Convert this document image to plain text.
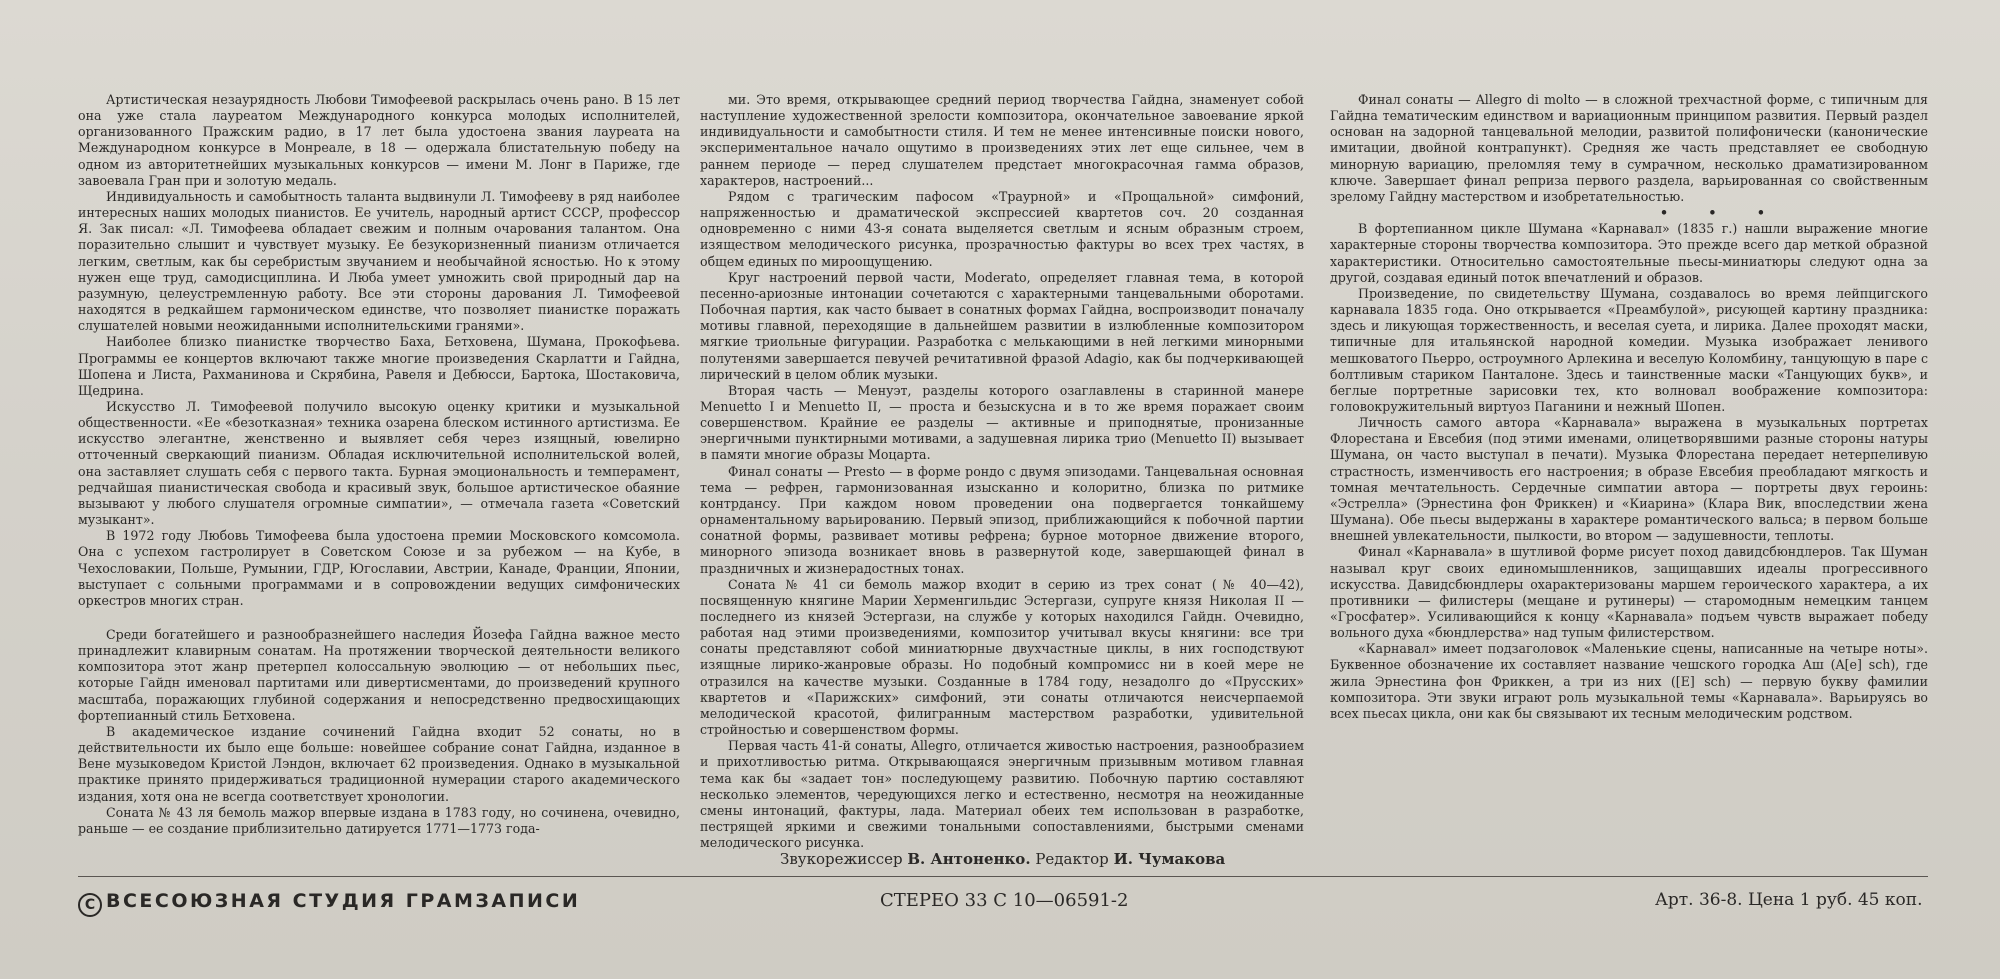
Артистическая незаурядность Любови Тимофеевой раскрылась очень рано. В 15 лет она уже стала лауреатом Международного конкурса молодых исполнителей, организованного Пражским радио, в 17 лет была удостоена звания лауреата на Международном конкурсе в Монреале, в 18 — одержала блистательную победу на одном из авторитетнейших музыкальных конкурсов — имени М. Лонг в Париже, где завоевала Гран при и золотую медаль.

Индивидуальность и самобытность таланта выдвинули Л. Тимофееву в ряд наиболее интересных наших молодых пианистов. Ее учитель, народный артист СССР, профессор Я. Зак писал: «Л. Тимофеева обладает свежим и полным очарования талантом. Она поразительно слышит и чувствует музыку. Ее безукоризненный пианизм отличается легким, светлым, как бы серебристым звучанием и необычайной ясностью. Но к этому нужен еще труд, самодисциплина. И Люба умеет умножить свой природный дар на разумную, целеустремленную работу. Все эти стороны дарования Л. Тимофеевой находятся в редкайшем гармоническом единстве, что позволяет пианистке поражать слушателей новыми неожиданными исполнительскими гранями».

Наиболее близко пианистке творчество Баха, Бетховена, Шумана, Прокофьева. Программы ее концертов включают также многие произведения Скарлатти и Гайдна, Шопена и Листа, Рахманинова и Скрябина, Равеля и Дебюсси, Бартока, Шостаковича, Щедрина.

Искусство Л. Тимофеевой получило высокую оценку критики и музыкальной общественности. «Ее «безотказная» техника озарена блеском истинного артистизма. Ее искусство элегантне, женственно и выявляет себя через изящный, ювелирно отточенный сверкающий пианизм. Обладая исключительной исполнительской волей, она заставляет слушать себя с первого такта. Бурная эмоциональность и темперамент, редчайшая пианистическая свобода и красивый звук, большое артистическое обаяние вызывают у любого слушателя огромные симпатии», — отмечала газета «Советский музыкант».

В 1972 году Любовь Тимофеева была удостоена премии Московского комсомола. Она с успехом гастролирует в Советском Союзе и за рубежом — на Кубе, в Чехословакии, Польше, Румынии, ГДР, Югославии, Австрии, Канаде, Франции, Японии, выступает с сольными программами и в сопровождении ведущих симфонических оркестров многих стран.

Среди богатейшего и разнообразнейшего наследия Йозефа Гайдна важное место принадлежит клавирным сонатам. На протяжении творческой деятельности великого композитора этот жанр претерпел колоссальную эволюцию — от небольших пьес, которые Гайдн именовал партитами или дивертисментами, до произведений крупного масштаба, поражающих глубиной содержания и непосредственно предвосхищающих фортепианный стиль Бетховена.

В академическое издание сочинений Гайдна входит 52 сонаты, но в действительности их было еще больше: новейшее собрание сонат Гайдна, изданное в Вене музыковедом Кристой Лэндон, включает 62 произведения. Однако в музыкальной практике принято придерживаться традиционной нумерации старого академического издания, хотя она не всегда соответствует хронологии.

Соната № 43 ля бемоль мажор впервые издана в 1783 году, но сочинена, очевидно, раньше — ее создание приблизительно датируется 1771—1773 года-

ми. Это время, открывающее средний период творчества Гайдна, знаменует собой наступление художественной зрелости композитора, окончательное завоевание яркой индивидуальности и самобытности стиля. И тем не менее интенсивные поиски нового, экспериментальное начало ощутимо в произведениях этих лет еще сильнее, чем в раннем периоде — перед слушателем предстает многокрасочная гамма образов, характеров, настроений...

Рядом с трагическим пафосом «Траурной» и «Прощальной» симфоний, напряженностью и драматической экспрессией квартетов соч. 20 созданная одновременно с ними 43-я соната выделяется светлым и ясным образным строем, изяществом мелодического рисунка, прозрачностью фактуры во всех трех частях, в общем единых по мироощущению.

Круг настроений первой части, Moderato, определяет главная тема, в которой песенно-ариозные интонации сочетаются с характерными танцевальными оборотами. Побочная партия, как часто бывает в сонатных формах Гайдна, воспроизводит поначалу мотивы главной, переходящие в дальнейшем развитии в излюбленные композитором мягкие триольные фигурации. Разработка с мелькающими в ней легкими минорными полутенями завершается певучей речитативной фразой Adagio, как бы подчеркивающей лирический в целом облик музыки.

Вторая часть — Менуэт, разделы которого озаглавлены в старинной манере Menuetto I и Menuetto II, — проста и безыскусна и в то же время поражает своим совершенством. Крайние ее разделы — активные и приподнятые, пронизанные энергичными пунктирными мотивами, а задушевная лирика трио (Menuetto II) вызывает в памяти многие образы Моцарта.

Финал сонаты — Presto — в форме рондо с двумя эпизодами. Танцевальная основная тема — рефрен, гармонизованная изысканно и колоритно, близка по ритмике контрдансу. При каждом новом проведении она подвергается тонкайшему орнаментальному варьированию. Первый эпизод, приближающийся к побочной партии сонатной формы, развивает мотивы рефрена; бурное моторное движение второго, минорного эпизода возникает вновь в развернутой коде, завершающей финал в праздничных и жизнерадостных тонах.

Соната № 41 си бемоль мажор входит в серию из трех сонат (№ 40—42), посвященную княгине Марии Херменгильдис Эстергази, супруге князя Николая II — последнего из князей Эстергази, на службе у которых находился Гайдн. Очевидно, работая над этими произведениями, композитор учитывал вкусы княгини: все три сонаты представляют собой миниатюрные двухчастные циклы, в них господствуют изящные лирико-жанровые образы. Но подобный компромисс ни в коей мере не отразился на качестве музыки. Созданные в 1784 году, незадолго до «Прусских» квартетов и «Парижских» симфоний, эти сонаты отличаются неисчерпаемой мелодической красотой, филигранным мастерством разработки, удивительной стройностью и совершенством формы.

Первая часть 41-й сонаты, Allegro, отличается живостью настроения, разнообразием и прихотливостью ритма. Открывающаяся энергичным призывным мотивом главная тема как бы «задает тон» последующему развитию. Побочную партию составляют несколько элементов, чередующихся легко и естественно, несмотря на неожиданные смены интонаций, фактуры, лада. Материал обеих тем использован в разработке, пестрящей яркими и свежими тональными сопоставлениями, быстрыми сменами мелодического рисунка.

Финал сонаты — Allegro di molto — в сложной трехчастной форме, с типичным для Гайдна тематическим единством и вариационным принципом развития. Первый раздел основан на задорной танцевальной мелодии, развитой полифонически (канонические имитации, двойной контрапункт). Средняя же часть представляет ее свободную минорную вариацию, преломляя тему в сумрачном, несколько драматизированном ключе. Завершает финал реприза первого раздела, варьированная со свойственным зрелому Гайдну мастерством и изобретательностью.

• • •

В фортепианном цикле Шумана «Карнавал» (1835 г.) нашли выражение многие характерные стороны творчества композитора. Это прежде всего дар меткой образной характеристики. Относительно самостоятельные пьесы-миниатюры следуют одна за другой, создавая единый поток впечатлений и образов.

Произведение, по свидетельству Шумана, создавалось во время лейпцигского карнавала 1835 года. Оно открывается «Преамбулой», рисующей картину праздника: здесь и ликующая торжественность, и веселая суета, и лирика. Далее проходят маски, типичные для итальянской народной комедии. Музыка изображает ленивого мешковатого Пьерро, остроумного Арлекина и веселую Коломбину, танцующую в паре с болтливым стариком Панталоне. Здесь и таинственные маски «Танцующих букв», и беглые портретные зарисовки тех, кто волновал воображение композитора: головокружительный виртуоз Паганини и нежный Шопен.

Личность самого автора «Карнавала» выражена в музыкальных портретах Флорестана и Евсебия (под этими именами, олицетворявшими разные стороны натуры Шумана, он часто выступал в печати). Музыка Флорестана передает нетерпеливую страстность, изменчивость его настроения; в образе Евсебия преобладают мягкость и томная мечтательность. Сердечные симпатии автора — портреты двух героинь: «Эстрелла» (Эрнестина фон Фриккен) и «Киарина» (Клара Вик, впоследствии жена Шумана). Обе пьесы выдержаны в характере романтического вальса; в первом больше внешней увлекательности, пылкости, во втором — задушевности, теплоты.

Финал «Карнавала» в шутливой форме рисует поход давидсбюндлеров. Так Шуман называл круг своих единомышленников, защищавших идеалы прогрессивного искусства. Давидсбюндлеры охарактеризованы маршем героического характера, а их противники — филистеры (мещане и рутинеры) — старомодным немецким танцем «Гросфатер». Усиливающийся к концу «Карнавала» подъем чувств выражает победу вольного духа «бюндлерства» над тупым филистерством.

«Карнавал» имеет подзаголовок «Маленькие сцены, написанные на четыре ноты». Буквенное обозначение их составляет название чешского городка Аш (A[e] sch), где жила Эрнестина фон Фриккен, а три из них ([E] sch) — первую букву фамилии композитора. Эти звуки играют роль музыкальной темы «Карнавала». Варьируясь во всех пьесах цикла, они как бы связывают их тесным мелодическим родством.

Звукорежиссер В. Антоненко. Редактор И. Чумакова
C ВСЕСОЮЗНАЯ СТУДИЯ ГРАМЗАПИСИ	СТЕРЕО 33 С 10—06591-2	Арт. 36-8. Цена 1 руб. 45 коп.
